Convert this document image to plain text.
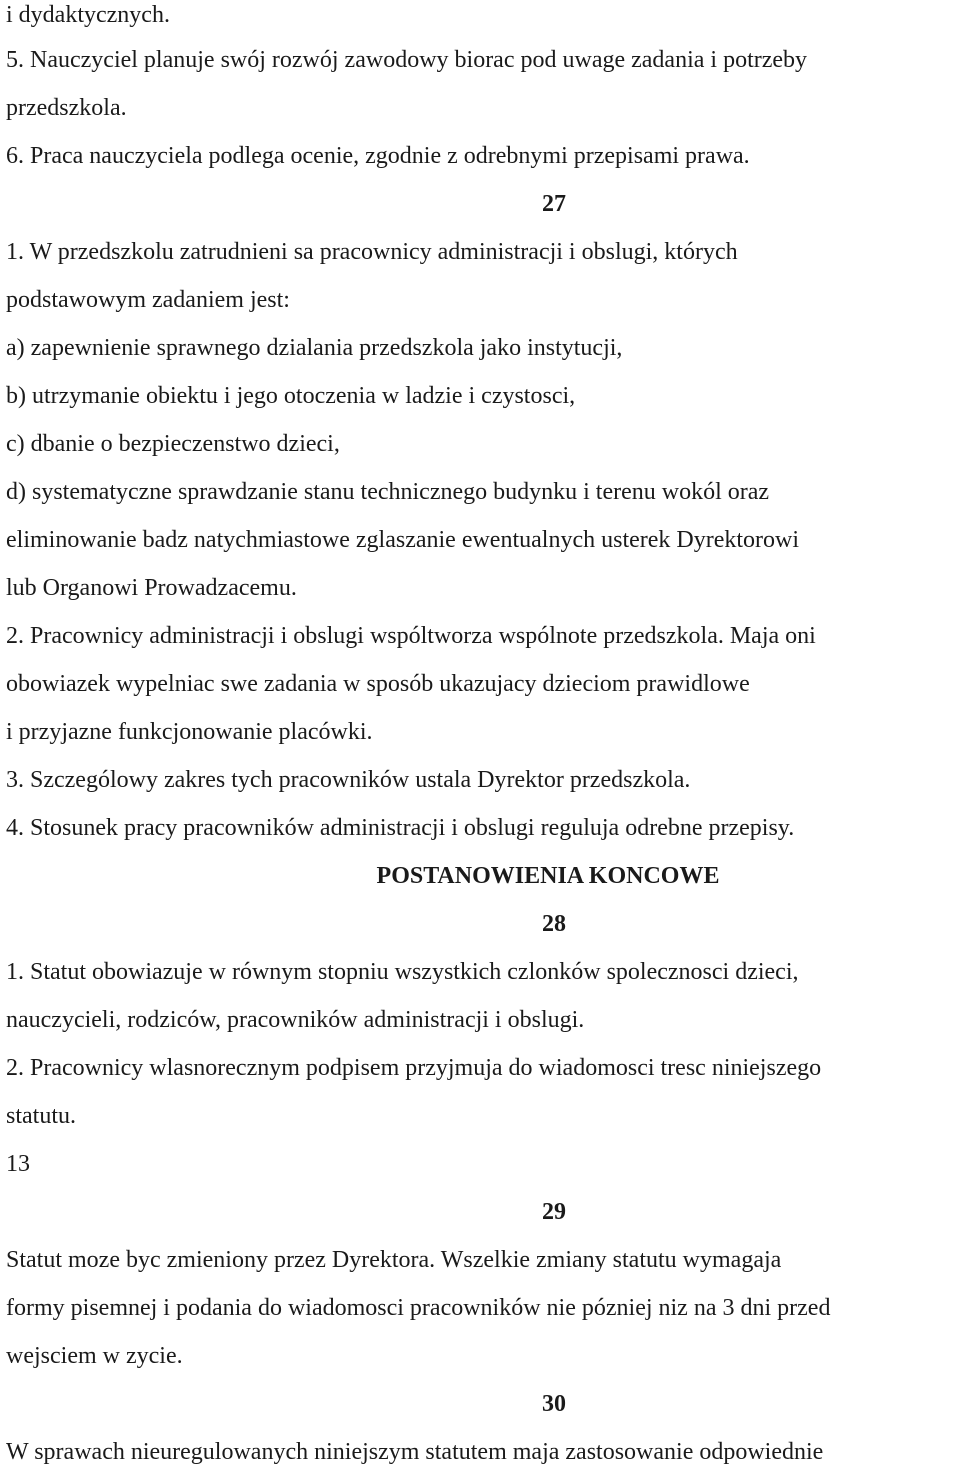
i dydaktycznych.
5. Nauczyciel planuje swój rozwój zawodowy biorac pod uwage zadania i potrzeby
przedszkola.
6. Praca nauczyciela podlega ocenie, zgodnie z odrebnymi przepisami prawa.
27
1. W przedszkolu zatrudnieni sa pracownicy administracji i obslugi, których
podstawowym zadaniem jest:
a) zapewnienie sprawnego dzialania przedszkola jako instytucji,
b) utrzymanie obiektu i jego otoczenia w ladzie i czystosci,
c) dbanie o bezpieczenstwo dzieci,
d) systematyczne sprawdzanie stanu technicznego budynku i terenu wokól oraz
eliminowanie badz natychmiastowe zglaszanie ewentualnych usterek Dyrektorowi
lub Organowi Prowadzacemu.
2. Pracownicy administracji i obslugi wspóltworza wspólnote przedszkola. Maja oni
obowiazek wypelniac swe zadania w sposób ukazujacy dzieciom prawidlowe
i przyjazne funkcjonowanie placówki.
3. Szczególowy zakres tych pracowników ustala Dyrektor przedszkola.
4. Stosunek pracy pracowników administracji i obslugi reguluja odrebne przepisy.
POSTANOWIENIA KONCOWE
28
1. Statut obowiazuje w równym stopniu wszystkich czlonków spolecznosci dzieci,
nauczycieli, rodziców, pracowników administracji i obslugi.
2. Pracownicy wlasnorecznym podpisem przyjmuja do wiadomosci tresc niniejszego
statutu.
13
29
Statut moze byc zmieniony przez Dyrektora. Wszelkie zmiany statutu wymagaja
formy pisemnej i podania do wiadomosci pracowników nie pózniej niz na 3 dni przed
wejsciem w zycie.
30
W sprawach nieuregulowanych niniejszym statutem maja zastosowanie odpowiednie
